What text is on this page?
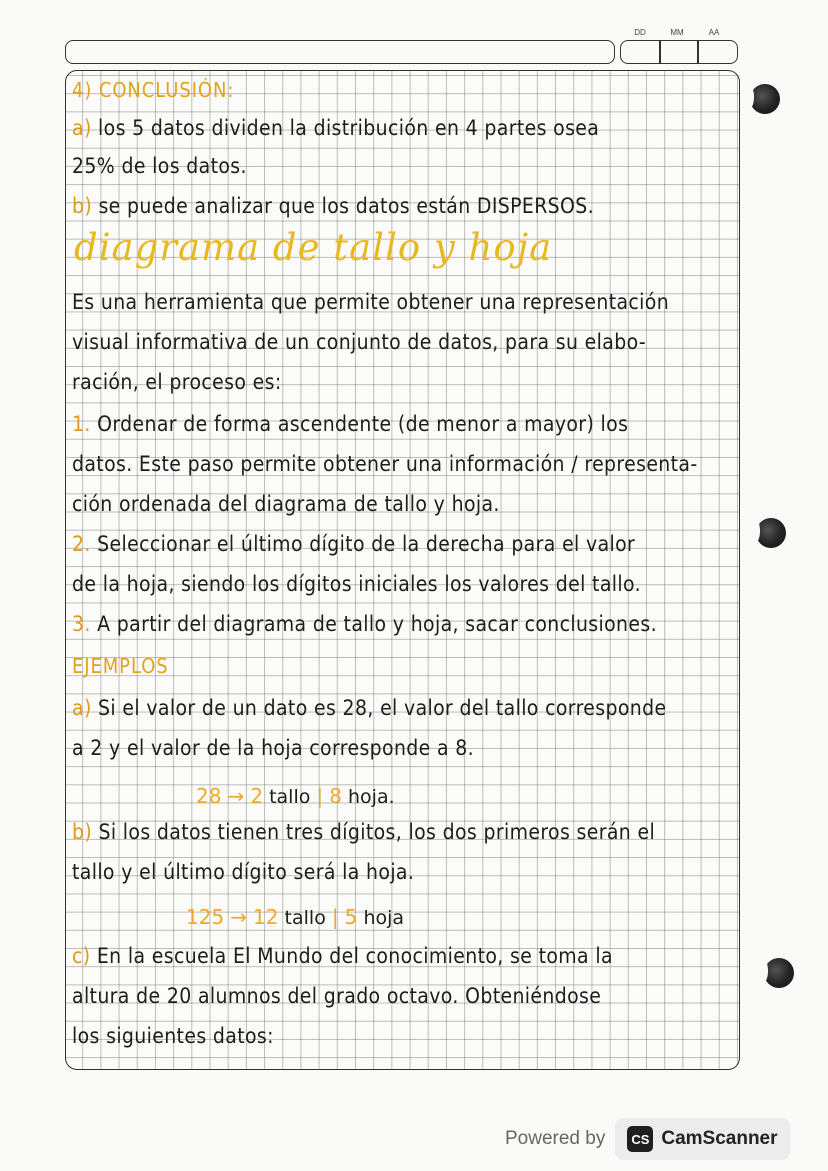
DD	MM	AA
4) CONCLUSIÓN:
a) los 5 datos dividen la distribución en 4 partes osea
25% de los datos.
b) se puede analizar que los datos están DISPERSOS.
Es una herramienta que permite obtener una representación
visual informativa de un conjunto de datos, para su elabo-
ración, el proceso es:
1. Ordenar de forma ascendente (de menor a mayor) los
datos. Este paso permite obtener una información / representa-
ción ordenada del diagrama de tallo y hoja.
2. Seleccionar el último dígito de la derecha para el valor
de la hoja, siendo los dígitos iniciales los valores del tallo.
3. A partir del diagrama de tallo y hoja, sacar conclusiones.
EJEMPLOS
a) Si el valor de un dato es 28, el valor del tallo corresponde
a 2 y el valor de la hoja corresponde a 8.
b) Si los datos tienen tres dígitos, los dos primeros serán el
tallo y el último dígito será la hoja.
c) En la escuela El Mundo del conocimiento, se toma la
altura de 20 alumnos del grado octavo. Obteniéndose
los siguientes datos:
diagrama de tallo y hoja
28 → 2 tallo | 8 hoja.
125 → 12 tallo | 5 hoja
Powered by	CS CamScanner
